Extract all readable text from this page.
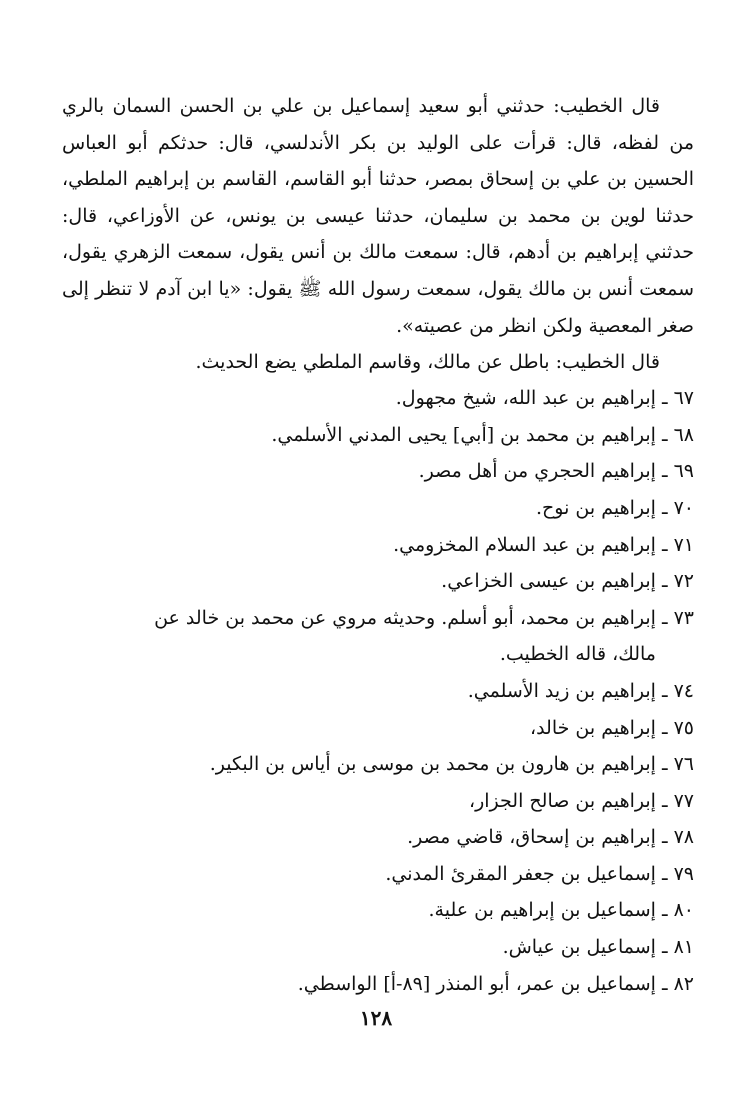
قال الخطيب: حدثني أبو سعيد إسماعيل بن علي بن الحسن السمان بالري من لفظه، قال: قرأت على الوليد بن بكر الأندلسي، قال: حدثكم أبو العباس الحسين بن علي بن إسحاق بمصر، حدثنا أبو القاسم، القاسم بن إبراهيم الملطي، حدثنا لوين بن محمد بن سليمان، حدثنا عيسى بن يونس، عن الأوزاعي، قال: حدثني إبراهيم بن أدهم، قال: سمعت مالك بن أنس يقول، سمعت الزهري يقول، سمعت أنس بن مالك يقول، سمعت رسول الله ﷺ يقول: «يا ابن آدم لا تنظر إلى صغر المعصية ولكن انظر من عصيته».

قال الخطيب: باطل عن مالك، وقاسم الملطي يضع الحديث.

٦٧ ـ إبراهيم بن عبد الله، شيخ مجهول.

٦٨ ـ إبراهيم بن محمد بن [أبي] يحيى المدني الأسلمي.

٦٩ ـ إبراهيم الحجري من أهل مصر.

٧٠ ـ إبراهيم بن نوح.

٧١ ـ إبراهيم بن عبد السلام المخزومي.

٧٢ ـ إبراهيم بن عيسى الخزاعي.

٧٣ ـ إبراهيم بن محمد، أبو أسلم. وحديثه مروي عن محمد بن خالد عن
مالك، قاله الخطيب.

٧٤ ـ إبراهيم بن زيد الأسلمي.

٧٥ ـ إبراهيم بن خالد،

٧٦ ـ إبراهيم بن هارون بن محمد بن موسى بن أياس بن البكير.

٧٧ ـ إبراهيم بن صالح الجزار،

٧٨ ـ إبراهيم بن إسحاق، قاضي مصر.

٧٩ ـ إسماعيل بن جعفر المقرئ المدني.

٨٠ ـ إسماعيل بن إبراهيم بن علية.

٨١ ـ إسماعيل بن عياش.

٨٢ ـ إسماعيل بن عمر، أبو المنذر [٨٩-أ] الواسطي.

١٢٨
